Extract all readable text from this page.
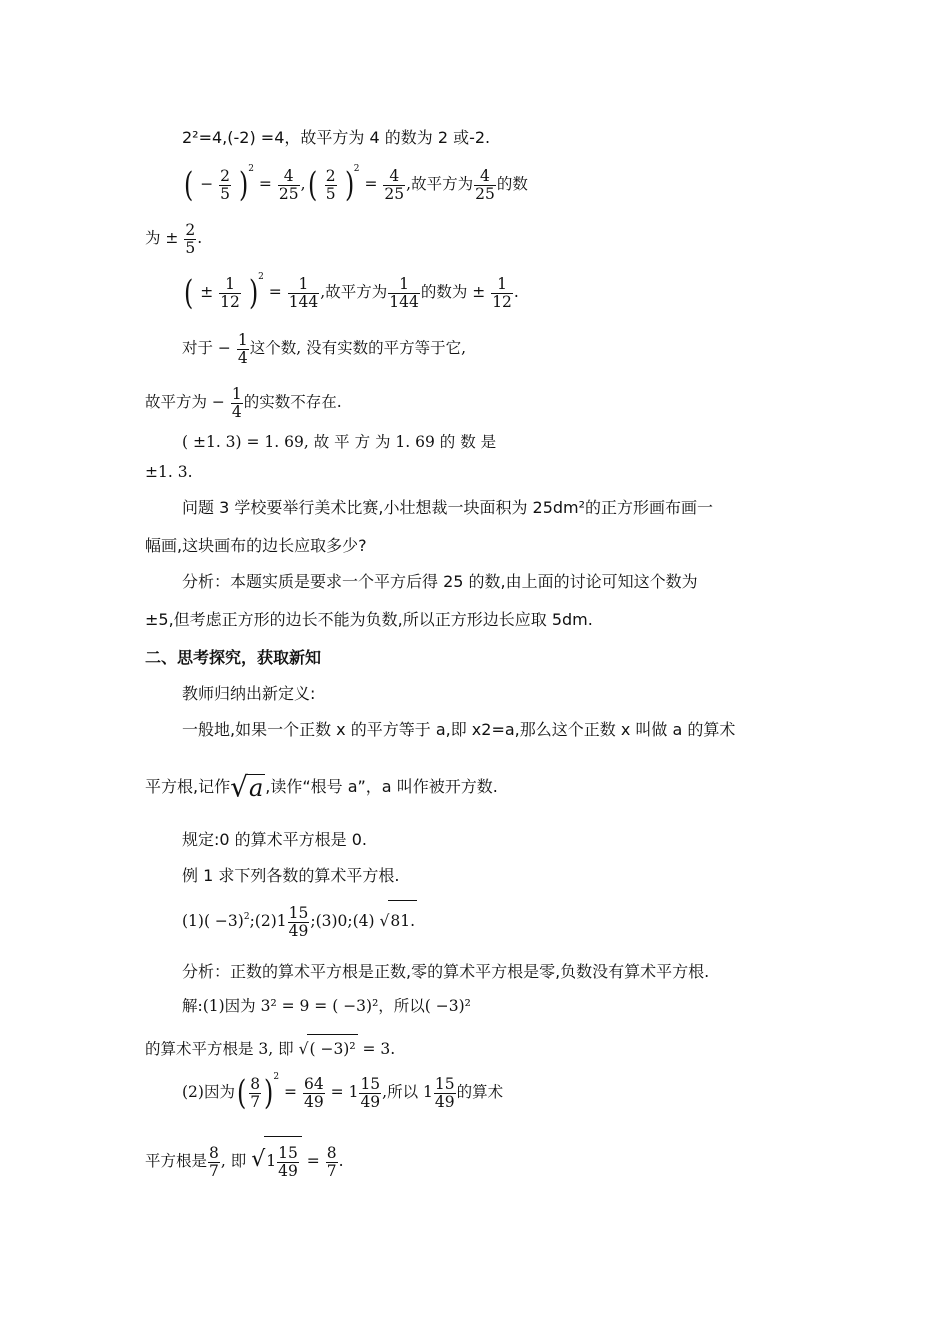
2²=4,(-2) =4，故平方为 4 的数为 2 或-2.
( − $\frac{2}{5} )^2 = \frac{4}{25}$ ,( $\frac{2}{5} )^2 = \frac{4}{25}$ ,故平方为 $\frac{4}{25}$ 的数
为 ± $\frac{2}{5}$ .
( ± $\frac{1}{12} )^2 = \frac{1}{144}$ ,故平方为 $\frac{1}{144}$ 的数为 ± $\frac{1}{12}$ .
对于 − $\frac{1}{4}$ 这个数, 没有实数的平方等于它,
故平方为 − $\frac{1}{4}$ 的实数不存在.
( ±1. 3) = 1. 69, 故 平 方 为 1. 69 的 数 是
±1. 3.
问题 3 学校要举行美术比赛,小壮想裁一块面积为 25dm²的正方形画布画一
幅画,这块画布的边长应取多少?
分析：本题实质是要求一个平方后得 25 的数,由上面的讨论可知这个数为
±5,但考虑正方形的边长不能为负数,所以正方形边长应取 5dm.
二、思考探究，获取新知
教师归纳出新定义:
一般地,如果一个正数 x 的平方等于 a,即 x2=a,那么这个正数 x 叫做 a 的算术
平方根,记作√a ,读作“根号 a”，a 叫作被开方数.
规定:0 的算术平方根是 0.
例 1 求下列各数的算术平方根.
$(1)( -3)^2;(2)1 \frac{15}{49}$ ;(3)0;(4) √81.
分析：正数的算术平方根是正数,零的算术平方根是零,负数没有算术平方根.
解:(1)因为 3² = 9 = ( −3)²，所以( −3)²
的算术平方根是 3, 即 √( −3)² = 3.
(2)因为( $\frac{8}{7} )^2 = \frac{64}{49} = 1 \frac{15}{49}$ ,所以 $1 \frac{15}{49}$ 的算术
平方根是 $\frac{8}{7}$ , 即 $√1 \frac{15}{49} = \frac{8}{7}$ .
